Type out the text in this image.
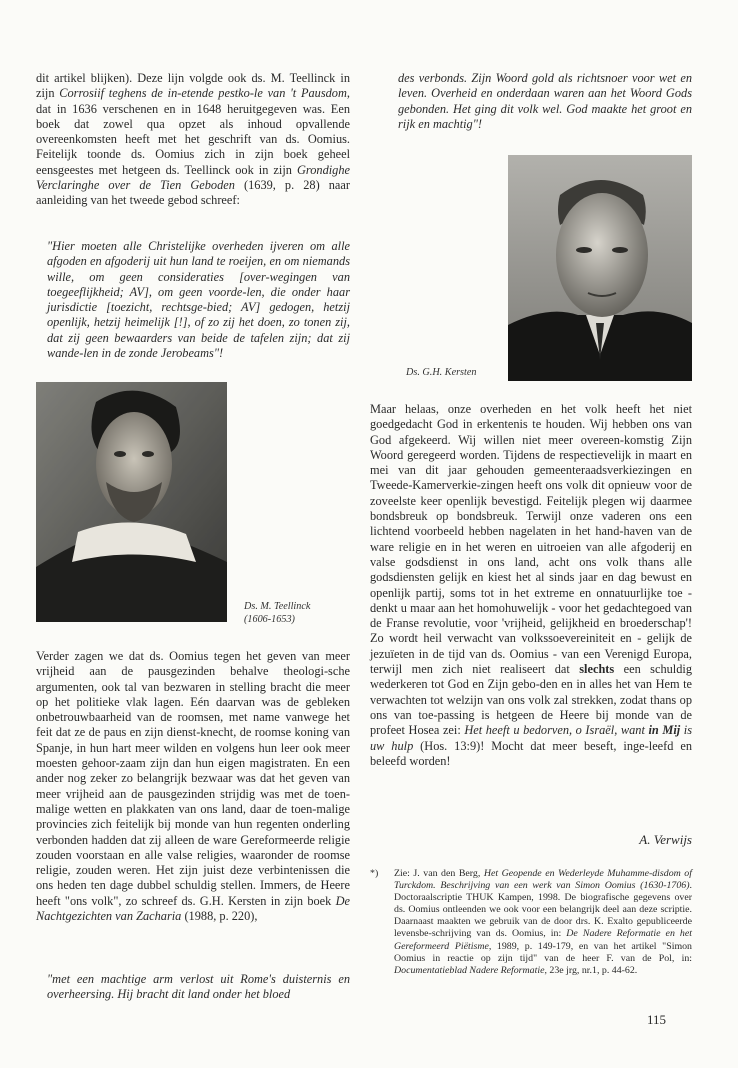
dit artikel blijken). Deze lijn volgde ook ds. M. Teellinck in zijn Corrosiif teghens de in-etende pestko-le van 't Pausdom, dat in 1636 verschenen en in 1648 heruitgegeven was. Een boek dat zowel qua opzet als inhoud opvallende overeenkomsten heeft met het geschrift van ds. Oomius. Feitelijk toonde ds. Oomius zich in zijn boek geheel eensgeestes met hetgeen ds. Teellinck ook in zijn Grondighe Verclaringhe over de Tien Geboden (1639, p. 28) naar aanleiding van het tweede gebod schreef:

"Hier moeten alle Christelijke overheden ijveren om alle afgoden en afgoderij uit hun land te roeijen, en om niemands wille, om geen consideraties [over-wegingen van toegeeflijkheid; AV], om geen voorde-len, die onder haar jurisdictie [toezicht, rechtsge-bied; AV] gedogen, hetzij openlijk, hetzij heimelijk [!], of zo zij het doen, zo tonen zij, dat zij geen bewaarders van beide de tafelen zijn; dat zij wande-len in de zonde Jerobeams"!
Ds. M. Teellinck
(1606-1653)

Verder zagen we dat ds. Oomius tegen het geven van meer vrijheid aan de pausgezinden behalve theologi-sche argumenten, ook tal van bezwaren in stelling bracht die meer op het politieke vlak lagen. Eén daarvan was de gebleken onbetrouwbaarheid van de roomsen, met name vanwege het feit dat ze de paus en zijn dienst-knecht, de roomse koning van Spanje, in hun hart meer wilden en volgens hun leer ook meer moesten gehoor-zaam zijn dan hun eigen magistraten. En een ander nog zeker zo belangrijk bezwaar was dat het geven van meer vrijheid aan de pausgezinden strijdig was met de toen-malige wetten en plakkaten van ons land, daar de toen-malige provincies zich feitelijk bij monde van hun regenten onderling verbonden hadden dat zij alleen de ware Gereformeerde religie zouden voorstaan en alle valse religies, waaronder de roomse religie, zouden weren. Het zijn juist deze verbintenissen die ons heden ten dage dubbel schuldig stellen. Immers, de Heere heeft "ons volk", zo schreef ds. G.H. Kersten in zijn boek De Nachtgezichten van Zacharia (1988, p. 220),

"met een machtige arm verlost uit Rome's duisternis en overheersing. Hij bracht dit land onder het bloed
des verbonds. Zijn Woord gold als richtsnoer voor wet en leven. Overheid en onderdaan waren aan het Woord Gods gebonden. Het ging dit volk wel. God maakte het groot en rijk en machtig"!
Ds. G.H. Kersten

Maar helaas, onze overheden en het volk heeft het niet goedgedacht God in erkentenis te houden. Wij hebben ons van God afgekeerd. Wij willen niet meer overeen-komstig Zijn Woord geregeerd worden. Tijdens de respectievelijk in maart en mei van dit jaar gehouden gemeenteraadsverkiezingen en Tweede-Kamerverkie-zingen heeft ons volk dit opnieuw voor de zoveelste keer openlijk bevestigd. Feitelijk plegen wij daarmee bondsbreuk op bondsbreuk. Terwijl onze vaderen ons een lichtend voorbeeld hebben nagelaten in het hand-haven van de ware religie en in het weren en uitroeien van alle afgoderij en valse godsdienst in ons land, acht ons volk thans alle godsdiensten gelijk en kiest het al sinds jaar en dag bewust en openlijk partij, soms tot in het extreme en onnatuurlijke toe - denkt u maar aan het homohuwelijk - voor het gedachtegoed van de Franse revolutie, voor 'vrijheid, gelijkheid en broederschap'! Zo wordt heil verwacht van volkssoevereiniteit en - gelijk de jezuïeten in de tijd van ds. Oomius - van een Verenigd Europa, terwijl men zich niet realiseert dat slechts een schuldig wederkeren tot God en Zijn gebo-den en in alles het van Hem te verwachten tot welzijn van ons volk zal strekken, zodat thans op ons van toe-passing is hetgeen de Heere bij monde van de profeet Hosea zei: Het heeft u bedorven, o Israël, want in Mij is uw hulp (Hos. 13:9)! Mocht dat meer beseft, inge-leefd en beleefd worden!

A. Verwijs
*) Zie: J. van den Berg, Het Geopende en Wederleyde Muhamme-disdom of Turckdom. Beschrijving van een werk van Simon Oomius (1630-1706). Doctoraalscriptie THUK Kampen, 1998. De biografische gegevens over ds. Oomius ontleenden we ook voor een belangrijk deel aan deze scriptie. Daarnaast maakten we gebruik van de door drs. K. Exalto gepubliceerde levensbe-schrijving van ds. Oomius, in: De Nadere Reformatie en het Gereformeerd Piëtisme, 1989, p. 149-179, en van het artikel "Simon Oomius in reactie op zijn tijd" van de heer F. van de Pol, in: Documentatieblad Nadere Reformatie, 23e jrg, nr.1, p. 44-62.
115
